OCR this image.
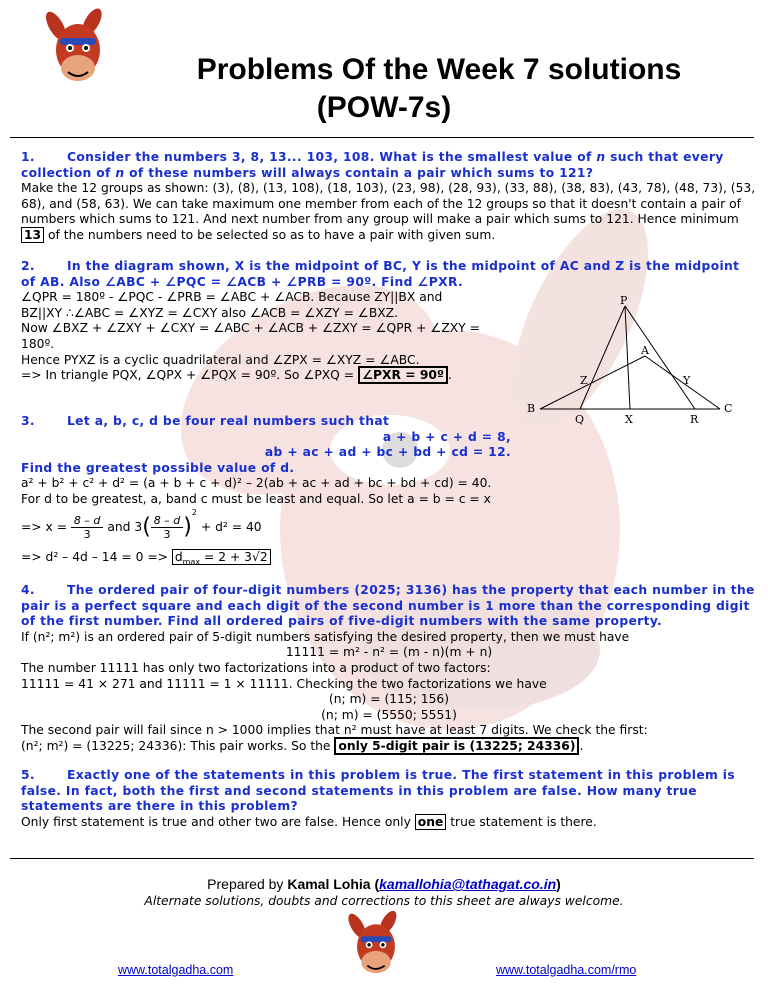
Problems Of the Week 7 solutions
(POW-7s)
1.	Consider the numbers 3, 8, 13... 103, 108. What is the smallest value of n such that every collection of n of these numbers will always contain a pair which sums to 121?
Make the 12 groups as shown: (3), (8), (13, 108), (18, 103), (23, 98), (28, 93), (33, 88), (38, 83), (43, 78), (48, 73), (53, 68), and (58, 63). We can take maximum one member from each of the 12 groups so that it doesn't contain a pair of numbers which sums to 121. And next number from any group will make a pair which sums to 121. Hence minimum 13 of the numbers need to be selected so as to have a pair with given sum.
2.	In the diagram shown, X is the midpoint of BC, Y is the midpoint of AC and Z is the midpoint of AB. Also ∠ABC + ∠PQC = ∠ACB + ∠PRB = 90º. Find ∠PXR.

∠QPR = 180º - ∠PQC - ∠PRB = ∠ABC + ∠ACB. Because ZY||BX and

BZ||XY ∴∠ABC = ∠XYZ = ∠CXY also ∠ACB = ∠XZY = ∠BXZ.

Now ∠BXZ + ∠ZXY + ∠CXY = ∠ABC + ∠ACB + ∠ZXY = ∠QPR + ∠ZXY =

180º.

Hence PYXZ is a cyclic quadrilateral and ∠ZPX = ∠XYZ = ∠ABC.

=> In triangle PQX, ∠QPX + ∠PQX = 90º. So ∠PXQ = ∠PXR = 90º .

P
A
Z	Y
B
Q	X	R
C

3.	Let a, b, c, d be four real numbers such that

a + b + c + d = 8,

ab + ac + ad + bc + bd + cd = 12.

Find the greatest possible value of d.

a² + b² + c² + d² = (a + b + c + d)² – 2(ab + ac + ad + bc + bd + cd) = 40.

For d to be greatest, a, band c must be least and equal. So let a = b = c = x

=> $x = \frac{8 - d}{3}$ and $3( \frac{8 - d}{3} )^2 + d^2 = 40$

=> $d^2 - 4d - 14 = 0 => d_{max} = 2 + 3√2$

4.	The ordered pair of four-digit numbers (2025; 3136) has the property that each number in the pair is a perfect square and each digit of the second number is 1 more than the corresponding digit of the first number. Find all ordered pairs of five-digit numbers with the same property.

If (n²; m²) is an ordered pair of 5-digit numbers satisfying the desired property, then we must have

11111 = m² - n² = (m - n)(m + n)

The number 11111 has only two factorizations into a product of two factors:

11111 = 41 × 271 and 11111 = 1 × 11111. Checking the two factorizations we have

(n; m) = (115; 156)

(n; m) = (5550; 5551)

The second pair will fail since n > 1000 implies that n² must have at least 7 digits. We check the first:

(n²; m²) = (13225; 24336): This pair works. So the only 5-digit pair is (13225; 24336) .

5.	Exactly one of the statements in this problem is true. The first statement in this problem is false. In fact, both the first and second statements in this problem are false. How many true statements are there in this problem?
Only first statement is true and other two are false. Hence only one true statement is there.
Prepared by Kamal Lohia (kamallohia@tathagat.co.in)
Alternate solutions, doubts and corrections to this sheet are always welcome.
www.totalgadha.com	www.totalgadha.com/rmo
